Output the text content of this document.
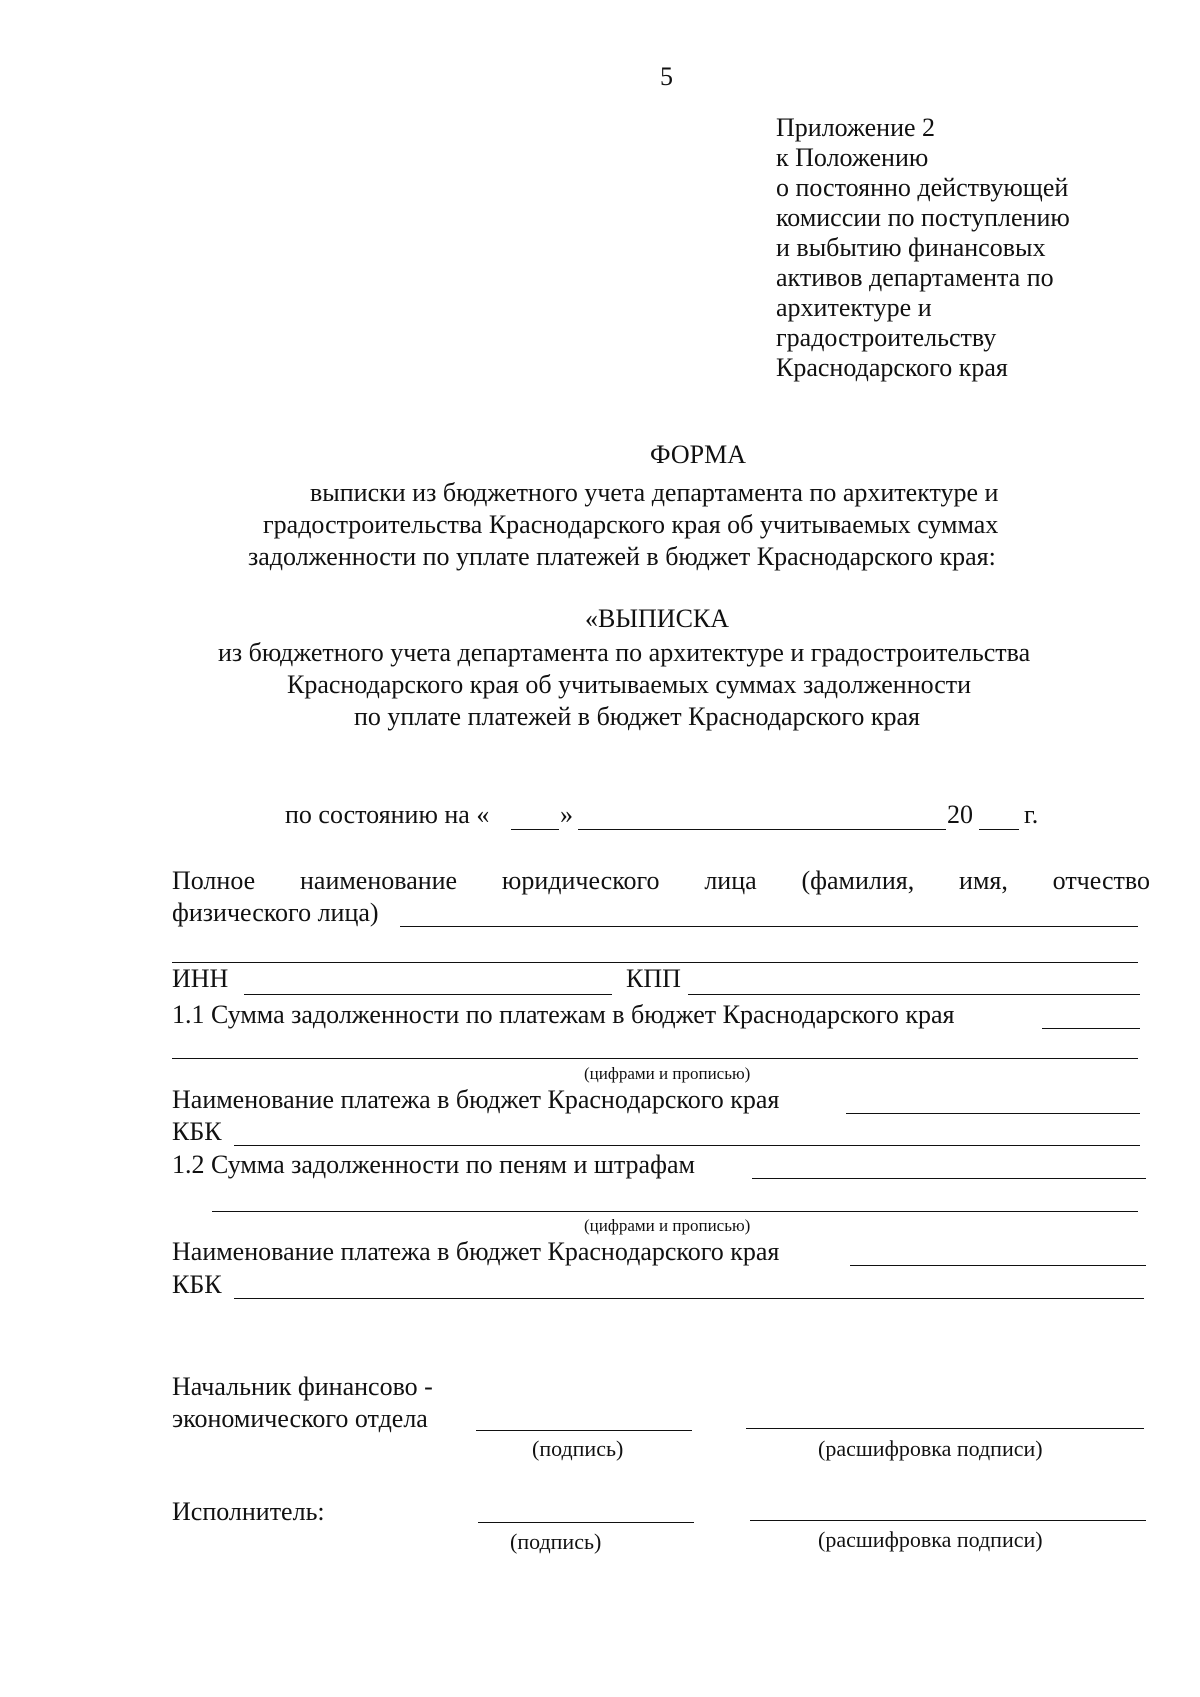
5
Приложение 2
к Положению
о постоянно действующей
комиссии по поступлению
и выбытию финансовых
активов департамента по
архитектуре и
градостроительству
Краснодарского края
ФОРМА
выписки из бюджетного учета департамента по архитектуре и
градостроительства Краснодарского края об учитываемых суммах
задолженности по уплате платежей в бюджет Краснодарского края:
«ВЫПИСКА
из бюджетного учета департамента по архитектуре и градостроительства
Краснодарского края об учитываемых суммах задолженности
по уплате платежей в бюджет Краснодарского края
по состоянию на «	»	20 г.
Полное наименование юридического лица (фамилия, имя, отчество
физического лица)
ИНН	КПП
1.1 Сумма задолженности по платежам в бюджет Краснодарского края
(цифрами и прописью)
Наименование платежа в бюджет Краснодарского края
КБК
1.2 Сумма задолженности по пеням и штрафам
(цифрами и прописью)
Наименование платежа в бюджет Краснодарского края
КБК
Начальник финансово -
экономического отдела
(подпись)	(расшифровка подписи)
Исполнитель:
(подпись)	(расшифровка подписи)
